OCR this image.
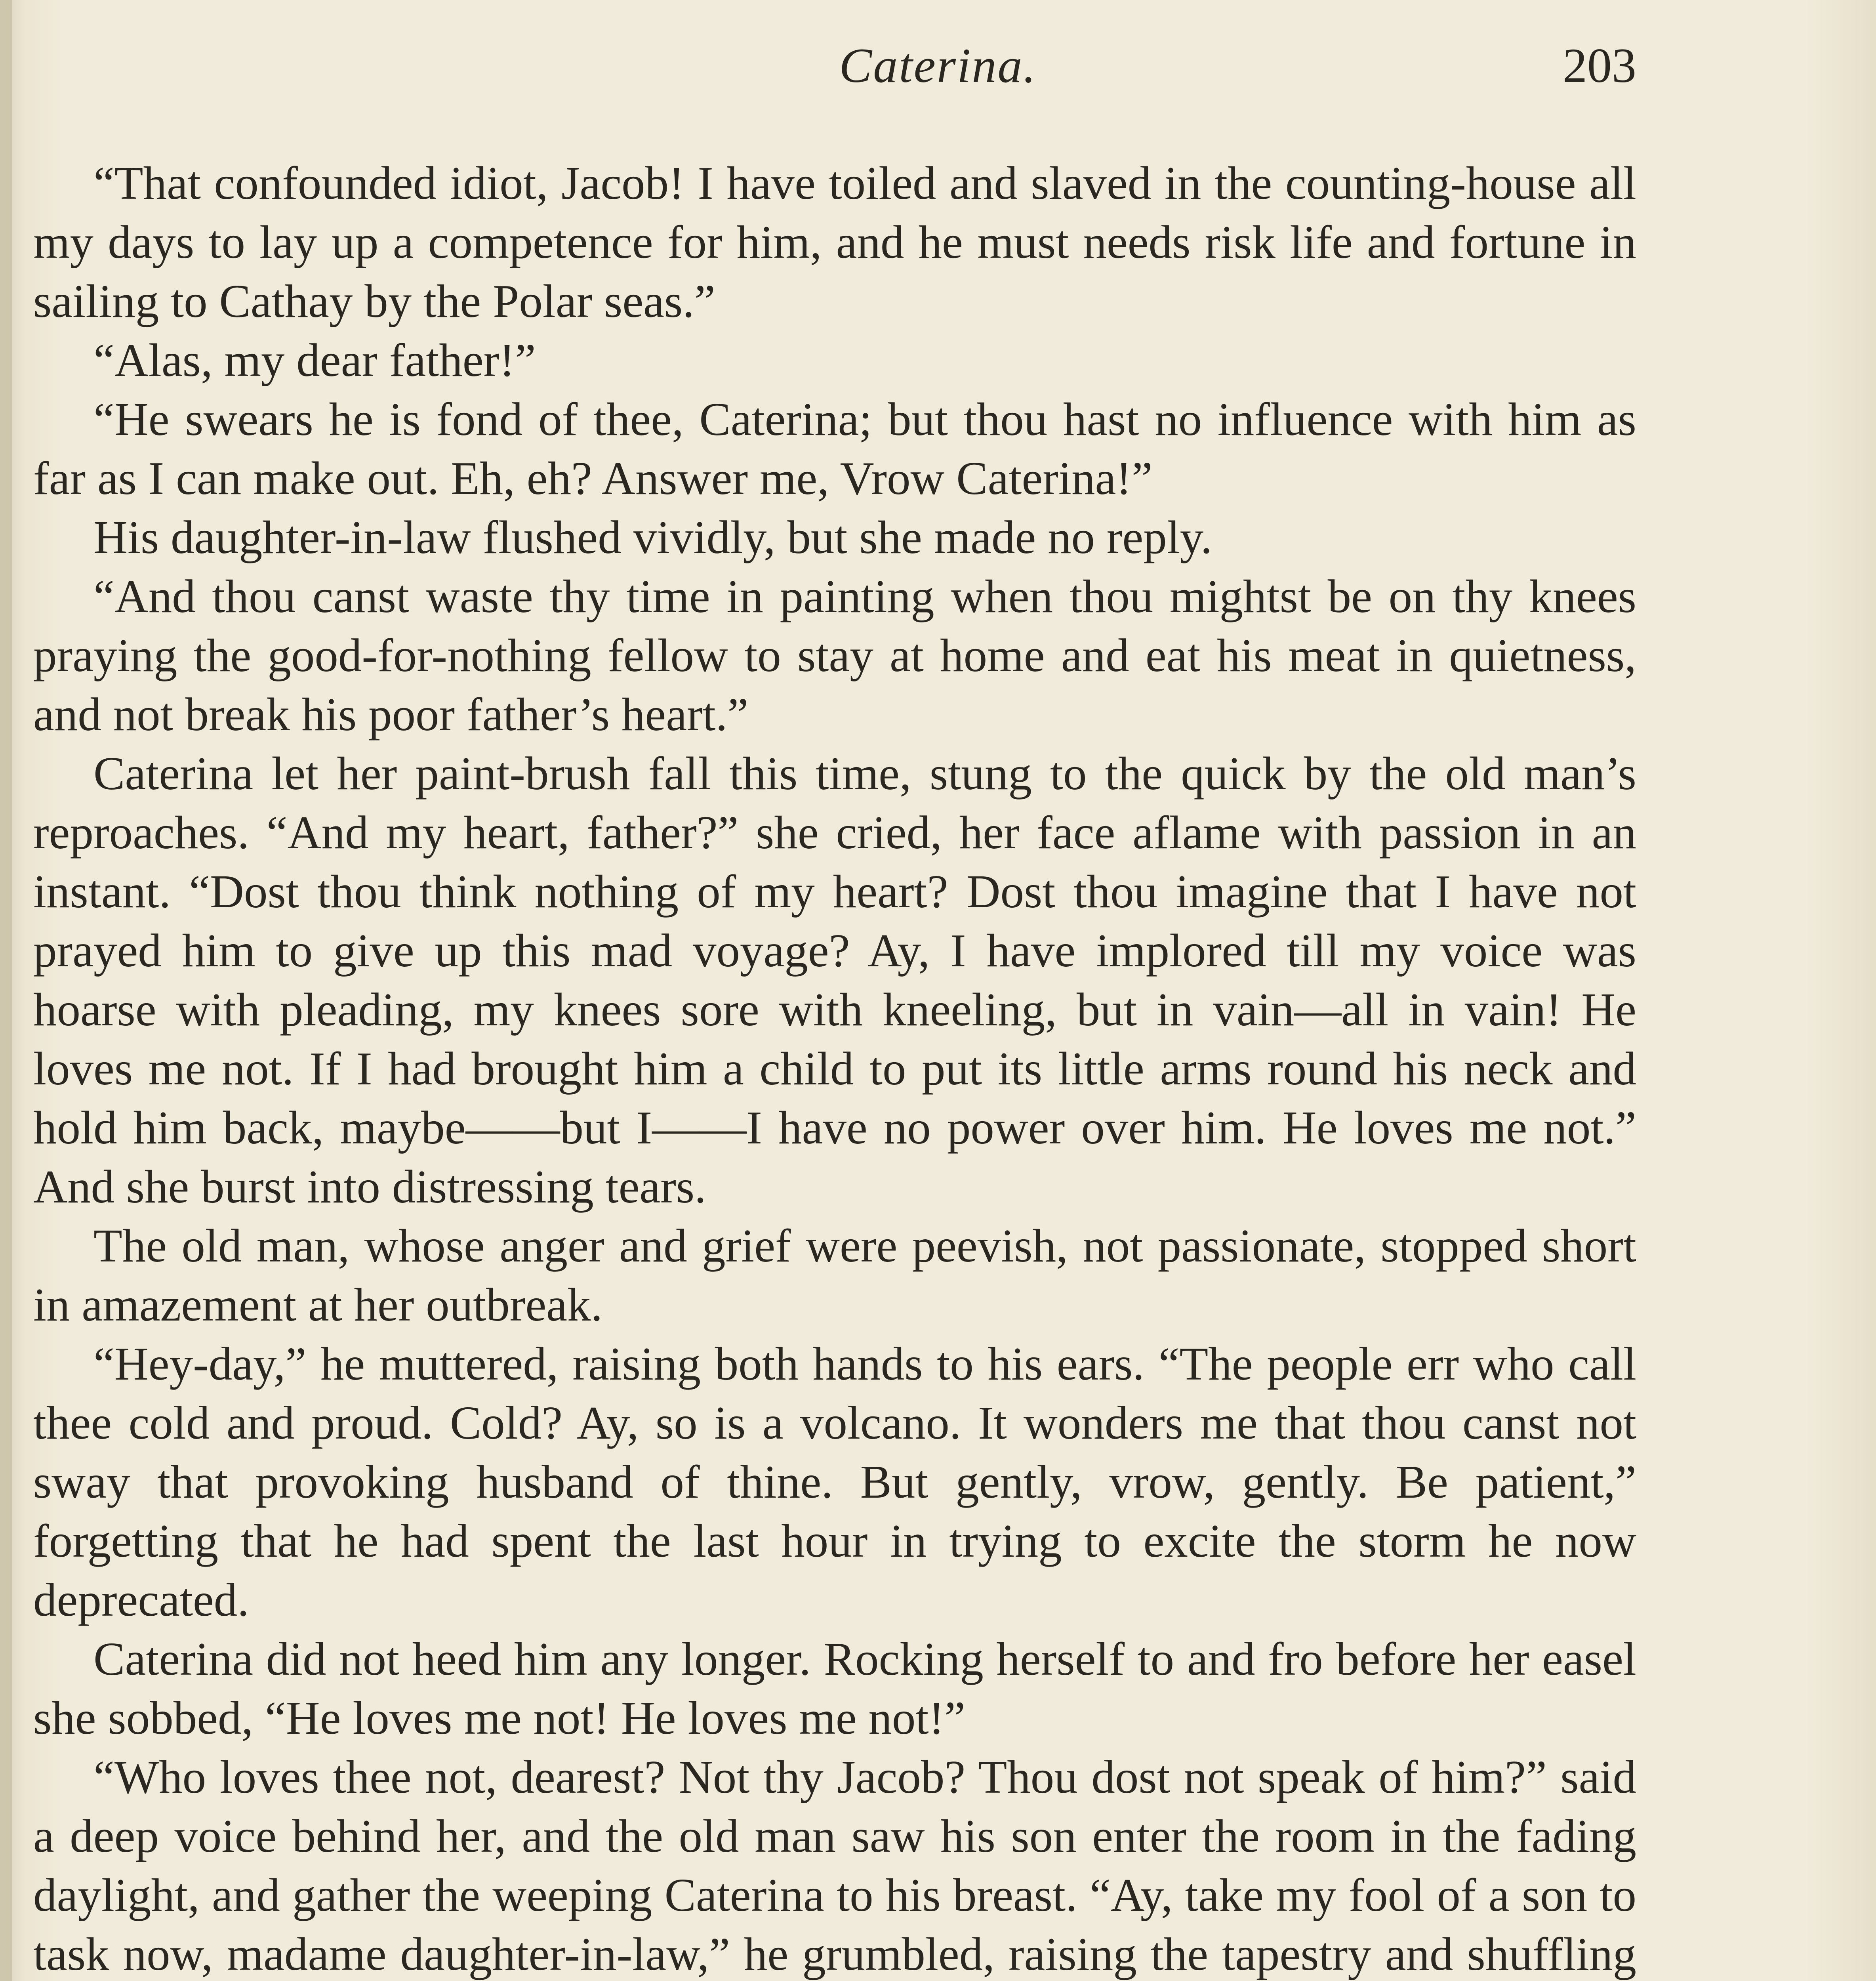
Caterina.	203

“That confounded idiot, Jacob! I have toiled and slaved in the counting-house all my days to lay up a competence for him, and he must needs risk life and fortune in sailing to Cathay by the Polar seas.”

“Alas, my dear father!”

“He swears he is fond of thee, Caterina; but thou hast no influence with him as far as I can make out. Eh, eh? Answer me, Vrow Caterina!”

His daughter-in-law flushed vividly, but she made no reply.

“And thou canst waste thy time in painting when thou mightst be on thy knees praying the good-for-nothing fellow to stay at home and eat his meat in quietness, and not break his poor father’s heart.”

Caterina let her paint-brush fall this time, stung to the quick by the old man’s reproaches. “And my heart, father?” she cried, her face aflame with passion in an instant. “Dost thou think nothing of my heart? Dost thou imagine that I have not prayed him to give up this mad voyage? Ay, I have implored till my voice was hoarse with pleading, my knees sore with kneeling, but in vain—all in vain! He loves me not. If I had brought him a child to put its little arms round his neck and hold him back, maybe——but I——I have no power over him. He loves me not.” And she burst into distressing tears.

The old man, whose anger and grief were peevish, not passionate, stopped short in amazement at her outbreak.

“Hey-day,” he muttered, raising both hands to his ears. “The people err who call thee cold and proud. Cold? Ay, so is a volcano. It wonders me that thou canst not sway that provoking husband of thine. But gently, vrow, gently. Be patient,” forgetting that he had spent the last hour in trying to excite the storm he now deprecated.

Caterina did not heed him any longer. Rocking herself to and fro before her easel she sobbed, “He loves me not! He loves me not!”

“Who loves thee not, dearest? Not thy Jacob? Thou dost not speak of him?” said a deep voice behind her, and the old man saw his son enter the room in the fading daylight, and gather the weeping Caterina to his breast. “Ay, take my fool of a son to task now, madame daughter-in-law,” he grumbled, raising the tapestry and shuffling
